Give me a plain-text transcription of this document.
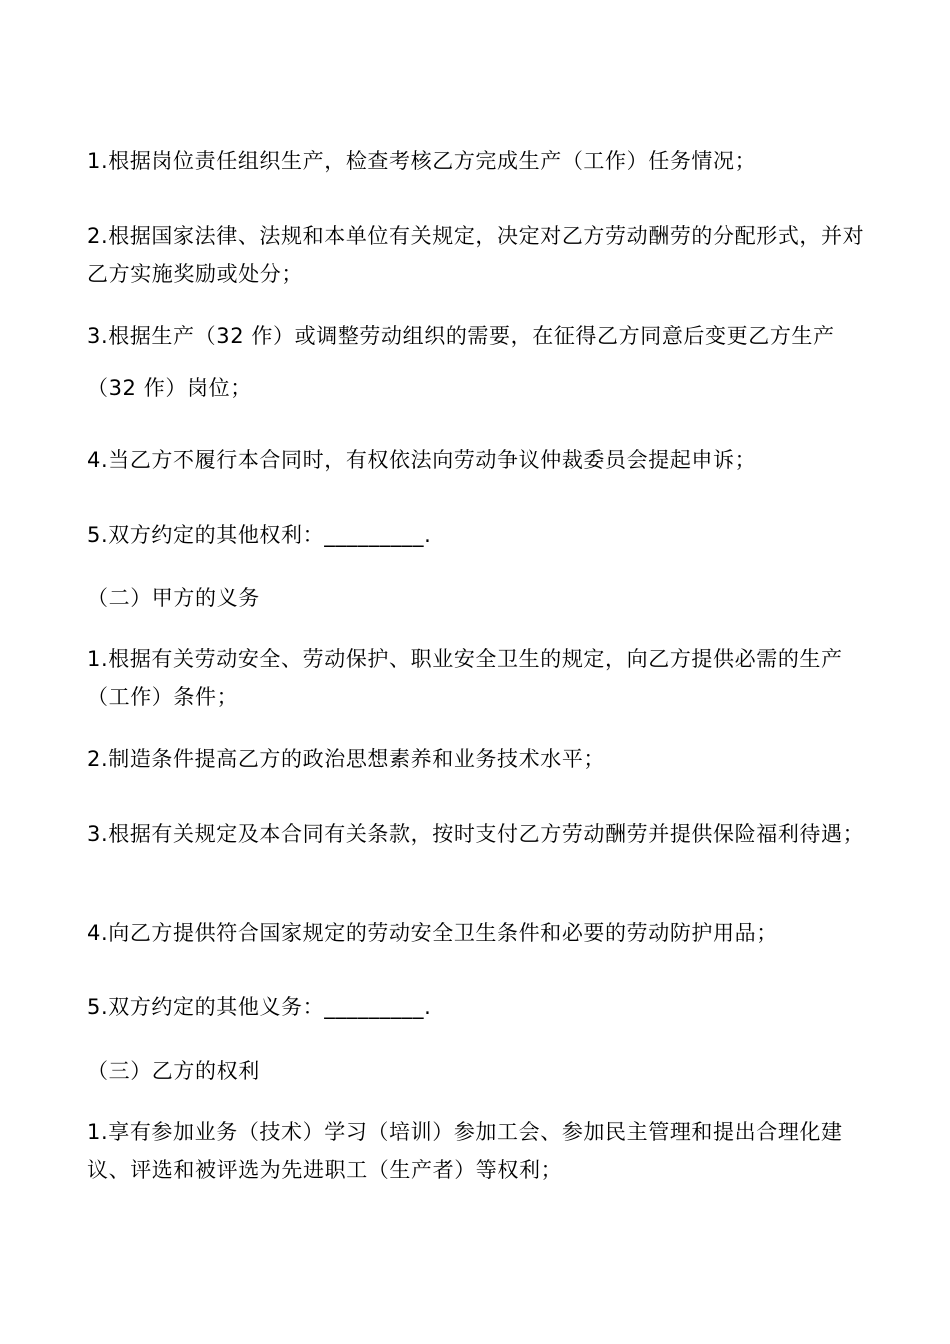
1.根据岗位责任组织生产，检查考核乙方完成生产（工作）任务情况；

2.根据国家法律、法规和本单位有关规定，决定对乙方劳动酬劳的分配形式，并对乙方实施奖励或处分；

3.根据生产（32 作）或调整劳动组织的需要，在征得乙方同意后变更乙方生产（32 作）岗位；

4.当乙方不履行本合同时，有权依法向劳动争议仲裁委员会提起申诉；

5.双方约定的其他权利：_________.

（二）甲方的义务

1.根据有关劳动安全、劳动保护、职业安全卫生的规定，向乙方提供必需的生产（工作）条件；

2.制造条件提高乙方的政治思想素养和业务技术水平；

3.根据有关规定及本合同有关条款，按时支付乙方劳动酬劳并提供保险福利待遇；

4.向乙方提供符合国家规定的劳动安全卫生条件和必要的劳动防护用品；

5.双方约定的其他义务：_________.

（三）乙方的权利

1.享有参加业务（技术）学习（培训）参加工会、参加民主管理和提出合理化建议、评选和被评选为先进职工（生产者）等权利；
